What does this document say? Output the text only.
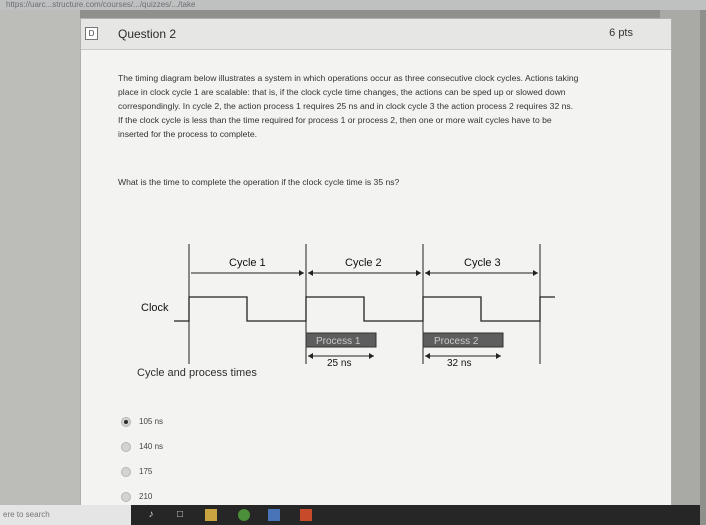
https://uarc...structure.com/courses/.../quizzes/.../take
D	Question 2	6 pts
The timing diagram below illustrates a system in which operations occur as three consecutive clock cycles. Actions taking place in clock cycle 1 are scalable: that is, if the clock cycle time changes, the actions can be sped up or slowed down correspondingly. In cycle 2, the action process 1 requires 25 ns and in clock cycle 3 the action process 2 requires 32 ns. If the clock cycle is less than the time required for process 1 or process 2, then one or more wait cycles have to be inserted for the process to complete.
What is the time to complete the operation if the clock cycle time is 35 ns?
Cycle 1	Cycle 2	Cycle 3
Clock
Process 1
25 ns
Process 2
32 ns
Cycle and process times
105 ns
140 ns
175
210
ere to search	♪	□
